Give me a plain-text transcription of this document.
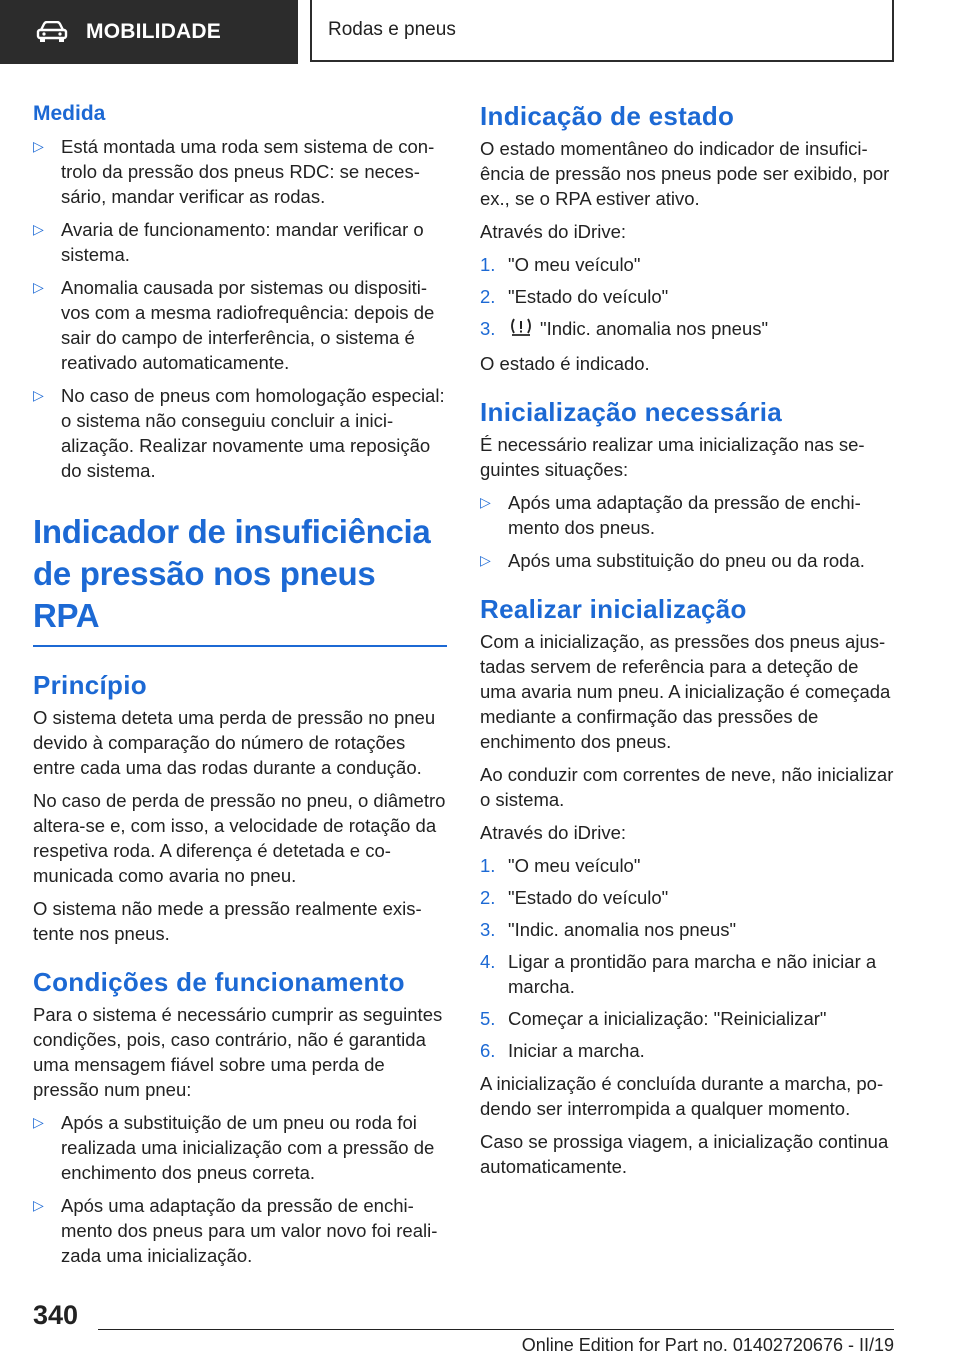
MOBILIDADE	Rodas e pneus
Medida
▷ Está montada uma roda sem sistema de controlo da pressão dos pneus RDC: se necessário, mandar verificar as rodas.
▷ Avaria de funcionamento: mandar verificar o sistema.
▷ Anomalia causada por sistemas ou dispositivos com a mesma radiofrequência: depois de sair do campo de interferência, o sistema é reativado automaticamente.
▷ No caso de pneus com homologação especial: o sistema não conseguiu concluir a inicialização. Realizar novamente uma reposição do sistema.
Indicador de insuficiência de pressão nos pneus RPA
Princípio

O sistema deteta uma perda de pressão no pneu devido à comparação do número de rotações entre cada uma das rodas durante a condução.

No caso de perda de pressão no pneu, o diâmetro altera-se e, com isso, a velocidade de rotação da respetiva roda. A diferença é detetada e comunicada como avaria no pneu.

O sistema não mede a pressão realmente existente nos pneus.

Condições de funcionamento

Para o sistema é necessário cumprir as seguintes condições, pois, caso contrário, não é garantida uma mensagem fiável sobre uma perda de pressão num pneu:

▷ Após a substituição de um pneu ou roda foi realizada uma inicialização com a pressão de enchimento dos pneus correta.
▷ Após uma adaptação da pressão de enchimento dos pneus para um valor novo foi realizada uma inicialização.
Indicação de estado

O estado momentâneo do indicador de insuficiência de pressão nos pneus pode ser exibido, por ex., se o RPA estiver ativo.

Através do iDrive:

1. "O meu veículo"
2. "Estado do veículo"
3. "Indic. anomalia nos pneus"

O estado é indicado.

Inicialização necessária

É necessário realizar uma inicialização nas seguintes situações:

▷ Após uma adaptação da pressão de enchimento dos pneus.
▷ Após uma substituição do pneu ou da roda.
Realizar inicialização

Com a inicialização, as pressões dos pneus ajustadas servem de referência para a deteção de uma avaria num pneu. A inicialização é começada mediante a confirmação das pressões de enchimento dos pneus.

Ao conduzir com correntes de neve, não inicializar o sistema.

Através do iDrive:

1. "O meu veículo"
2. "Estado do veículo"
3. "Indic. anomalia nos pneus"
4. Ligar a prontidão para marcha e não iniciar a marcha.
5. Começar a inicialização: "Reinicializar"
6. Iniciar a marcha.

A inicialização é concluída durante a marcha, podendo ser interrompida a qualquer momento.

Caso se prossiga viagem, a inicialização continua automaticamente.

340
Online Edition for Part no. 01402720676 - II/19
